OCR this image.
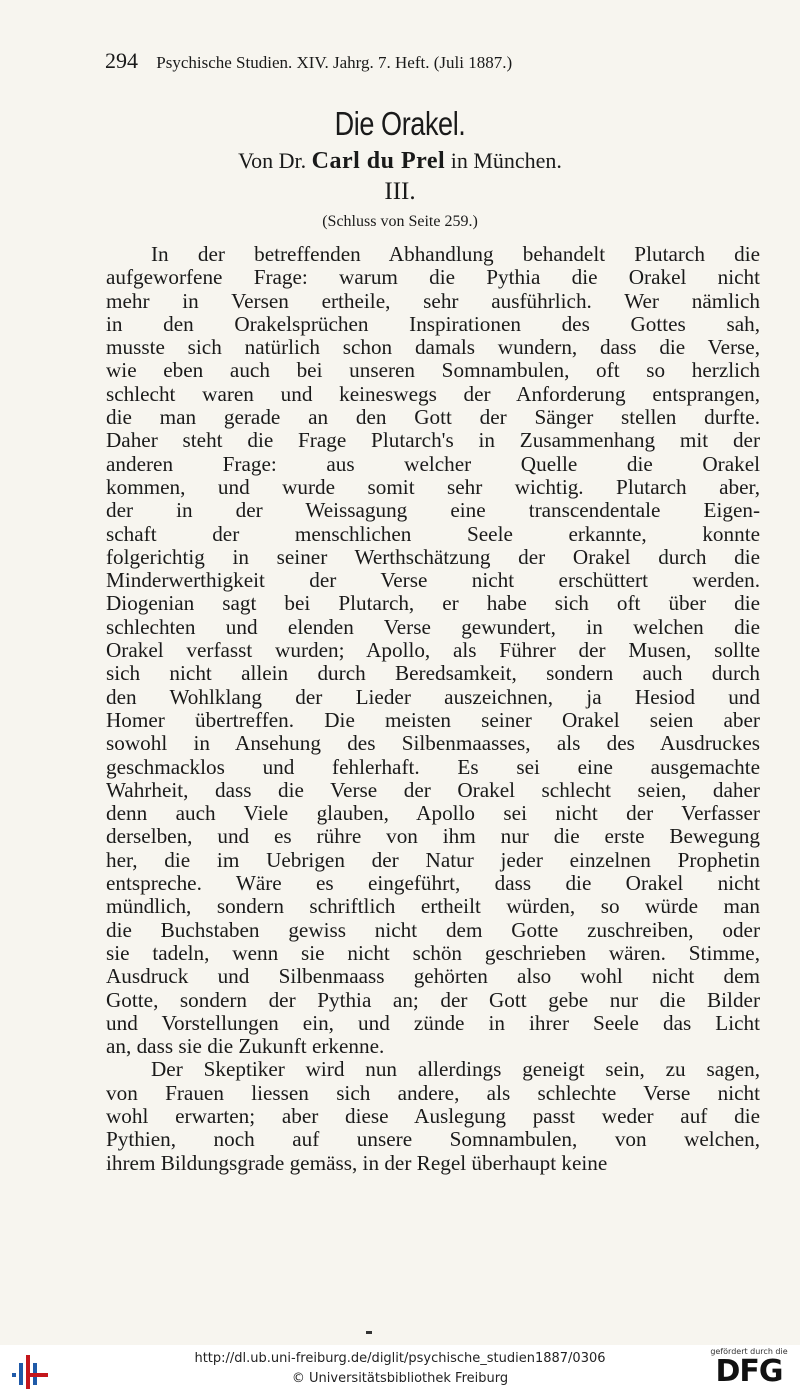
294 Psychische Studien. XIV. Jahrg. 7. Heft. (Juli 1887.)
Die Orakel.
Von Dr. Carl du Prel in München.
III.
(Schluss von Seite 259.)
In der betreffenden Abhandlung behandelt Plutarch die
aufgeworfene Frage: warum die Pythia die Orakel nicht
mehr in Versen ertheile, sehr ausführlich. Wer nämlich
in den Orakelsprüchen Inspirationen des Gottes sah,
musste sich natürlich schon damals wundern, dass die Verse,
wie eben auch bei unseren Somnambulen, oft so herzlich
schlecht waren und keineswegs der Anforderung entsprangen,
die man gerade an den Gott der Sänger stellen durfte.
Daher steht die Frage Plutarch's in Zusammenhang mit der
anderen Frage: aus welcher Quelle die Orakel
kommen, und wurde somit sehr wichtig. Plutarch aber,
der in der Weissagung eine transcendentale Eigen-
schaft der menschlichen Seele erkannte, konnte
folgerichtig in seiner Werthschätzung der Orakel durch die
Minderwerthigkeit der Verse nicht erschüttert werden.
Diogenian sagt bei Plutarch, er habe sich oft über die
schlechten und elenden Verse gewundert, in welchen die
Orakel verfasst wurden; Apollo, als Führer der Musen, sollte
sich nicht allein durch Beredsamkeit, sondern auch durch
den Wohlklang der Lieder auszeichnen, ja Hesiod und
Homer übertreffen. Die meisten seiner Orakel seien aber
sowohl in Ansehung des Silbenmaasses, als des Ausdruckes
geschmacklos und fehlerhaft. Es sei eine ausgemachte
Wahrheit, dass die Verse der Orakel schlecht seien, daher
denn auch Viele glauben, Apollo sei nicht der Verfasser
derselben, und es rühre von ihm nur die erste Bewegung
her, die im Uebrigen der Natur jeder einzelnen Prophetin
entspreche. Wäre es eingeführt, dass die Orakel nicht
mündlich, sondern schriftlich ertheilt würden, so würde man
die Buchstaben gewiss nicht dem Gotte zuschreiben, oder
sie tadeln, wenn sie nicht schön geschrieben wären. Stimme,
Ausdruck und Silbenmaass gehörten also wohl nicht dem
Gotte, sondern der Pythia an; der Gott gebe nur die Bilder
und Vorstellungen ein, und zünde in ihrer Seele das Licht
an, dass sie die Zukunft erkenne.
Der Skeptiker wird nun allerdings geneigt sein, zu sagen,
von Frauen liessen sich andere, als schlechte Verse nicht
wohl erwarten; aber diese Auslegung passt weder auf die
Pythien, noch auf unsere Somnambulen, von welchen,
ihrem Bildungsgrade gemäss, in der Regel überhaupt keine
http://dl.ub.uni-freiburg.de/diglit/psychische_studien1887/0306
© Universitätsbibliothek Freiburg
gefördert durch die
DFG
